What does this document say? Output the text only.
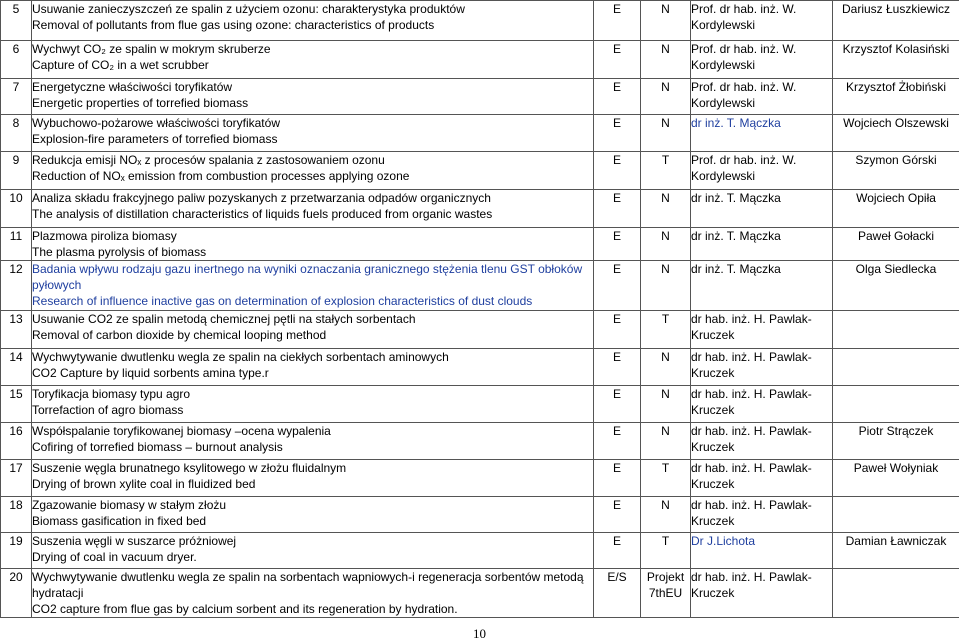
5	Usuwanie zanieczyszczeń ze spalin z użyciem ozonu: charakterystyka produktów
Removal of pollutants from flue gas using ozone: characteristics of products	E	N	Prof. dr hab. inż. W. Kordylewski	Dariusz Łuszkiewicz
6	Wychwyt CO₂ ze spalin w mokrym skruberze
Capture of CO₂ in a wet scrubber	E	N	Prof. dr hab. inż. W. Kordylewski	Krzysztof Kolasiński
7	Energetyczne właściwości toryfikatów
Energetic properties of torrefied biomass	E	N	Prof. dr hab. inż. W. Kordylewski	Krzysztof Żłobiński
8	Wybuchowo-pożarowe właściwości toryfikatów
Explosion-fire parameters of torrefied biomass	E	N	dr inż. T. Mączka	Wojciech Olszewski
9	Redukcja emisji NOₓ z procesów spalania z zastosowaniem ozonu
Reduction of NOₓ emission from combustion processes applying ozone	E	T	Prof. dr hab. inż. W. Kordylewski	Szymon Górski
10	Analiza składu frakcyjnego paliw pozyskanych z przetwarzania odpadów organicznych
The analysis of distillation characteristics of liquids fuels produced from organic wastes	E	N	dr inż. T. Mączka	Wojciech Opiła
11	Plazmowa piroliza biomasy
The plasma pyrolysis of biomass	E	N	dr inż. T. Mączka	Paweł Gołacki
12	Badania wpływu rodzaju gazu inertnego na wyniki oznaczania granicznego stężenia tlenu GST obłoków pyłowych
Research of influence inactive gas on determination of explosion characteristics of dust clouds	E	N	dr inż. T. Mączka	Olga Siedlecka
13	Usuwanie CO2 ze spalin metodą chemicznej pętli na stałych sorbentach
Removal of carbon dioxide by chemical looping method	E	T	dr hab. inż. H. Pawlak-Kruczek	
14	Wychwytywanie dwutlenku wegla ze spalin na ciekłych sorbentach aminowych
CO2 Capture by liquid sorbents amina type.r	E	N	dr hab. inż. H. Pawlak-Kruczek	
15	Toryfikacja biomasy typu agro
Torrefaction of agro biomass	E	N	dr hab. inż. H. Pawlak-Kruczek	
16	Współspalanie toryfikowanej biomasy –ocena wypalenia
Cofiring of torrefied biomass – burnout analysis	E	N	dr hab. inż. H. Pawlak-Kruczek	Piotr Strączek
17	Suszenie węgla brunatnego ksylitowego w złożu fluidalnym
Drying of brown xylite coal in fluidized bed	E	T	dr hab. inż. H. Pawlak-Kruczek	Paweł Wołyniak
18	Zgazowanie biomasy w stałym złożu
Biomass gasification in fixed bed	E	N	dr hab. inż. H. Pawlak-Kruczek	
19	Suszenia węgli w suszarce próżniowej
Drying of coal in vacuum dryer.	E	T	Dr J.Lichota	Damian Ławniczak
20	Wychwytywanie dwutlenku wegla ze spalin na sorbentach wapniowych-i regeneracja sorbentów metodą hydratacji
CO2 capture from flue gas by calcium sorbent and its regeneration by hydration.	E/S	Projekt 7thEU	dr hab. inż. H. Pawlak-Kruczek	
10
